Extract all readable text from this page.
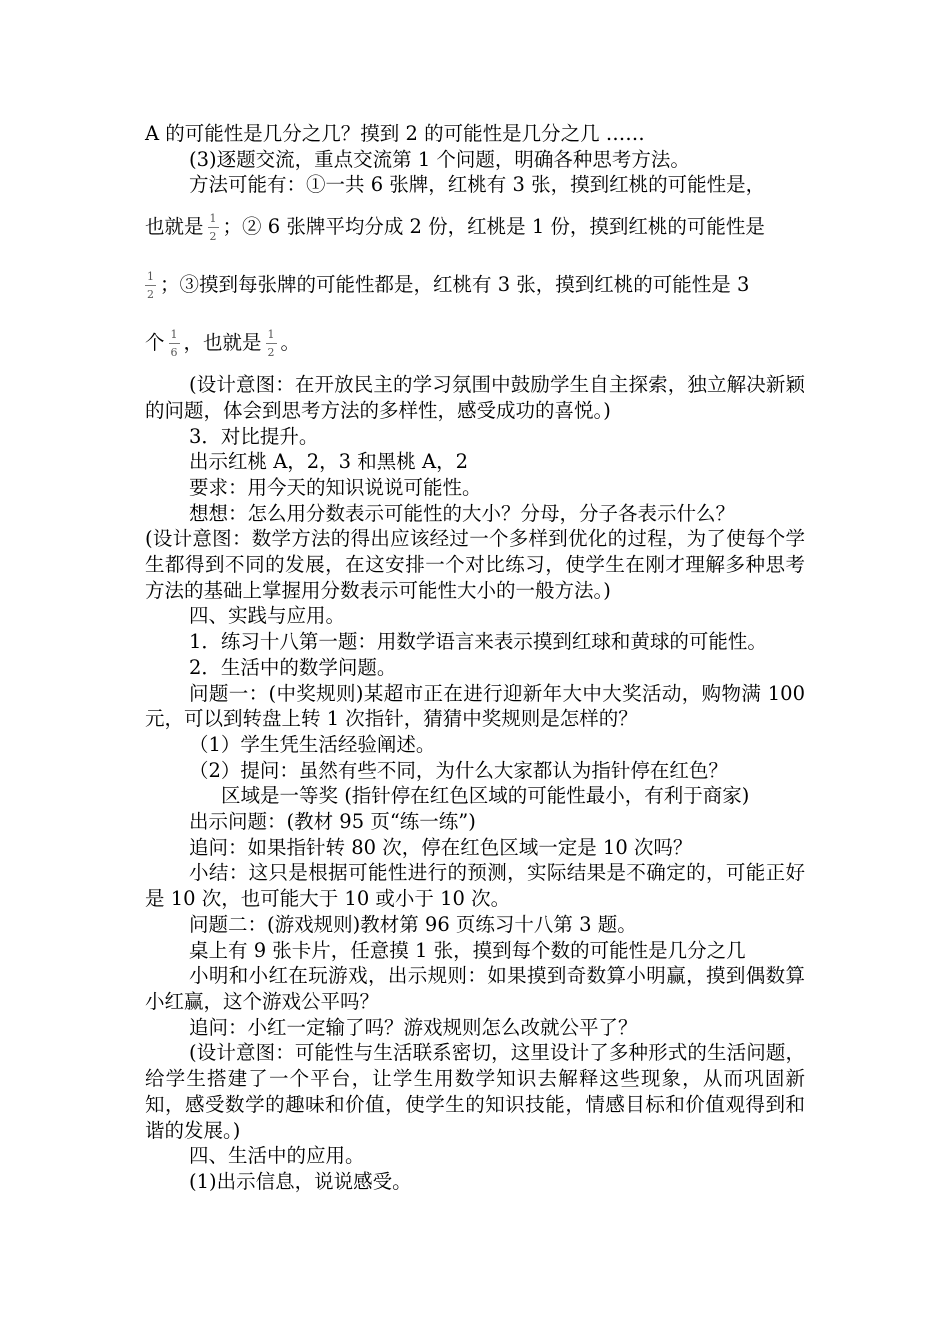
A 的可能性是几分之几？摸到 2 的可能性是几分之几 ……

(3)逐题交流，重点交流第 1 个问题，明确各种思考方法。

方法可能有：①一共 6 张牌，红桃有 3 张，摸到红桃的可能性是，

也就是 $\frac{1}{2}$ ；② 6 张牌平均分成 2 份，红桃是 1 份，摸到红桃的可能性是

$\frac{1}{2}$ ；③摸到每张牌的可能性都是，红桃有 3 张，摸到红桃的可能性是 3

个 $\frac{1}{6}$ ，也就是 $\frac{1}{2}$ 。

(设计意图：在开放民主的学习氛围中鼓励学生自主探索，独立解决新颖的问题，体会到思考方法的多样性，感受成功的喜悦。)

3．对比提升。

出示红桃 A，2，3 和黑桃 A，2

要求：用今天的知识说说可能性。

想想：怎么用分数表示可能性的大小？分母，分子各表示什么？

(设计意图：数学方法的得出应该经过一个多样到优化的过程，为了使每个学生都得到不同的发展，在这安排一个对比练习，使学生在刚才理解多种思考方法的基础上掌握用分数表示可能性大小的一般方法。)

四、实践与应用。

1．练习十八第一题：用数学语言来表示摸到红球和黄球的可能性。

2．生活中的数学问题。

问题一：(中奖规则)某超市正在进行迎新年大中大奖活动，购物满 100 元，可以到转盘上转 1 次指针，猜猜中奖规则是怎样的？

（1）学生凭生活经验阐述。

（2）提问：虽然有些不同，为什么大家都认为指针停在红色？

区域是一等奖 (指针停在红色区域的可能性最小，有利于商家)

出示问题：(教材 95 页“练一练”)

追问：如果指针转 80 次，停在红色区域一定是 10 次吗？

小结：这只是根据可能性进行的预测，实际结果是不确定的，可能正好是 10 次，也可能大于 10 或小于 10 次。

问题二：(游戏规则)教材第 96 页练习十八第 3 题。

桌上有 9 张卡片，任意摸 1 张，摸到每个数的可能性是几分之几

小明和小红在玩游戏，出示规则：如果摸到奇数算小明赢，摸到偶数算小红赢，这个游戏公平吗？

追问：小红一定输了吗？游戏规则怎么改就公平了？

(设计意图：可能性与生活联系密切，这里设计了多种形式的生活问题，给学生搭建了一个平台，让学生用数学知识去解释这些现象，从而巩固新知，感受数学的趣味和价值，使学生的知识技能，情感目标和价值观得到和谐的发展。)

四、生活中的应用。

(1)出示信息，说说感受。
